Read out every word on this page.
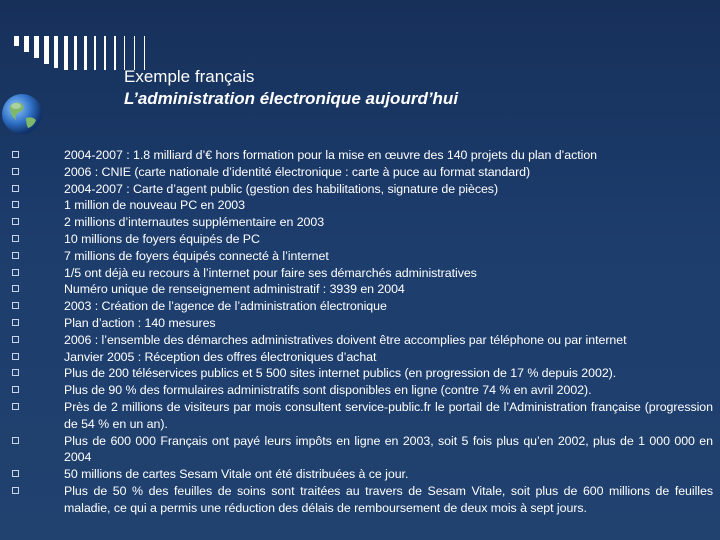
Exemple français
L’administration électronique aujourd’hui
2004-2007 : 1.8 milliard d’€ hors formation pour la mise en œuvre des 140 projets du plan d’action
2006 : CNIE (carte nationale d’identité électronique : carte à puce au format standard)
2004-2007 : Carte d’agent public (gestion des habilitations, signature de pièces)
1 million de nouveau PC en 2003
2 millions d’internautes supplémentaire en 2003
10 millions de foyers équipés de PC
7 millions de foyers équipés connecté à l’internet
1/5 ont déjà eu recours à l’internet pour faire ses démarchés administratives
Numéro unique de renseignement administratif : 3939 en 2004
2003 : Création de l’agence de l’administration électronique
Plan d’action : 140 mesures
2006 : l’ensemble des démarches administratives doivent être accomplies par téléphone ou par internet
Janvier 2005 : Réception des offres électroniques d’achat
Plus de 200 téléservices publics et 5 500 sites internet publics (en progression de 17 % depuis 2002).
Plus de 90 % des formulaires administratifs sont disponibles en ligne (contre 74 % en avril 2002).
Près de 2 millions de visiteurs par mois consultent service-public.fr le portail de l’Administration française (progression de 54 % en un an).
Plus de 600 000 Français ont payé leurs impôts en ligne en 2003, soit 5 fois plus qu’en 2002, plus de 1 000 000 en 2004
50 millions de cartes Sesam Vitale ont été distribuées à ce jour.
Plus de 50 % des feuilles de soins sont traitées au travers de Sesam Vitale, soit plus de 600 millions de feuilles maladie, ce qui a permis une réduction des délais de remboursement de deux mois à sept jours.
